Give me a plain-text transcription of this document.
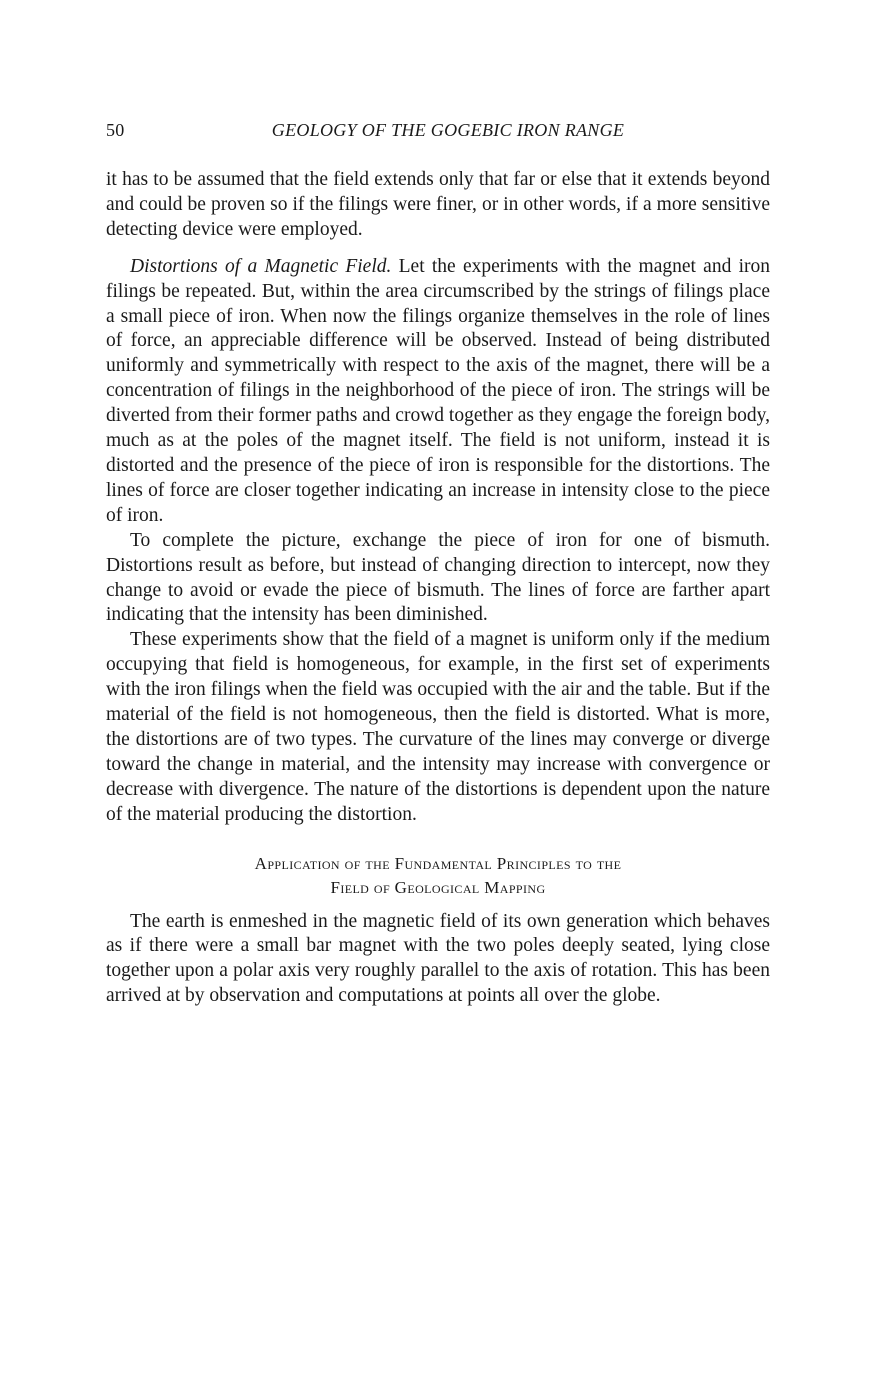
50	GEOLOGY OF THE GOGEBIC IRON RANGE

it has to be assumed that the field extends only that far or else that it extends beyond and could be proven so if the filings were finer, or in other words, if a more sensitive detecting device were employed.

Distortions of a Magnetic Field. Let the experiments with the magnet and iron filings be repeated. But, within the area circumscribed by the strings of filings place a small piece of iron. When now the filings organize themselves in the role of lines of force, an appreciable difference will be observed. Instead of being distributed uniformly and symmetrically with respect to the axis of the magnet, there will be a concentration of filings in the neighborhood of the piece of iron. The strings will be diverted from their former paths and crowd together as they engage the foreign body, much as at the poles of the magnet itself. The field is not uniform, instead it is distorted and the presence of the piece of iron is responsible for the distortions. The lines of force are closer together indicating an increase in intensity close to the piece of iron.

To complete the picture, exchange the piece of iron for one of bismuth. Distortions result as before, but instead of changing direction to intercept, now they change to avoid or evade the piece of bismuth. The lines of force are farther apart indicating that the intensity has been diminished.

These experiments show that the field of a magnet is uniform only if the medium occupying that field is homogeneous, for example, in the first set of experiments with the iron filings when the field was occupied with the air and the table. But if the material of the field is not homogeneous, then the field is distorted. What is more, the distortions are of two types. The curvature of the lines may converge or diverge toward the change in material, and the intensity may increase with convergence or decrease with divergence. The nature of the distortions is dependent upon the nature of the material producing the distortion.

Application of the Fundamental Principles to the
Field of Geological Mapping

The earth is enmeshed in the magnetic field of its own generation which behaves as if there were a small bar magnet with the two poles deeply seated, lying close together upon a polar axis very roughly parallel to the axis of rotation. This has been arrived at by observation and computations at points all over the globe.
